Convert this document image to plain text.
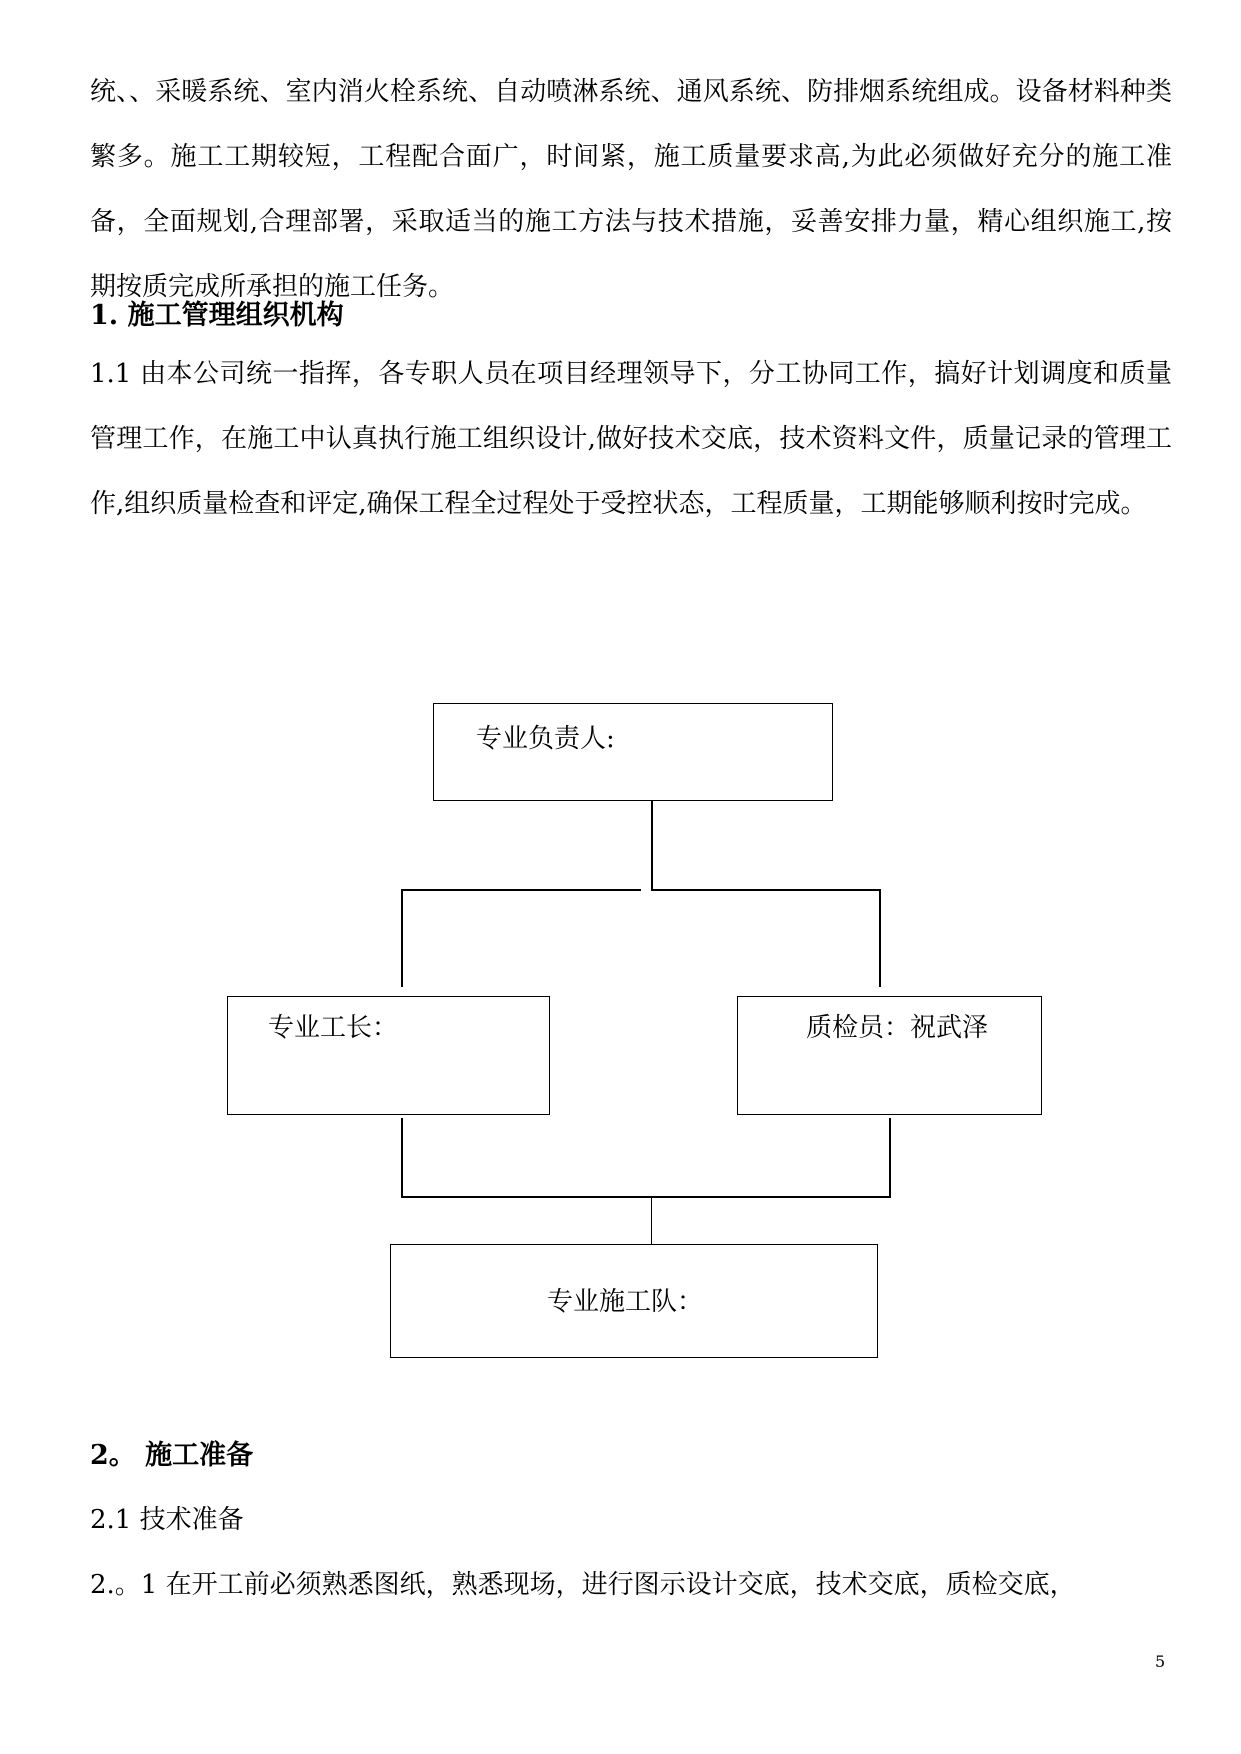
统、、采暖系统、室内消火栓系统、自动喷淋系统、通风系统、防排烟系统组成。设备材料种类繁多。施工工期较短，工程配合面广，时间紧，施工质量要求高,为此必须做好充分的施工准备，全面规划,合理部署，采取适当的施工方法与技术措施，妥善安排力量，精心组织施工,按期按质完成所承担的施工任务。

1. 施工管理组织机构

1.1 由本公司统一指挥，各专职人员在项目经理领导下，分工协同工作，搞好计划调度和质量管理工作，在施工中认真执行施工组织设计,做好技术交底，技术资料文件，质量记录的管理工作,组织质量检查和评定,确保工程全过程处于受控状态，工程质量，工期能够顺利按时完成。

专业负责人:
专业工长：	质检员：祝武泽
专业施工队：

2。 施工准备

2.1 技术准备

2.。1 在开工前必须熟悉图纸，熟悉现场，进行图示设计交底，技术交底，质检交底，

5
